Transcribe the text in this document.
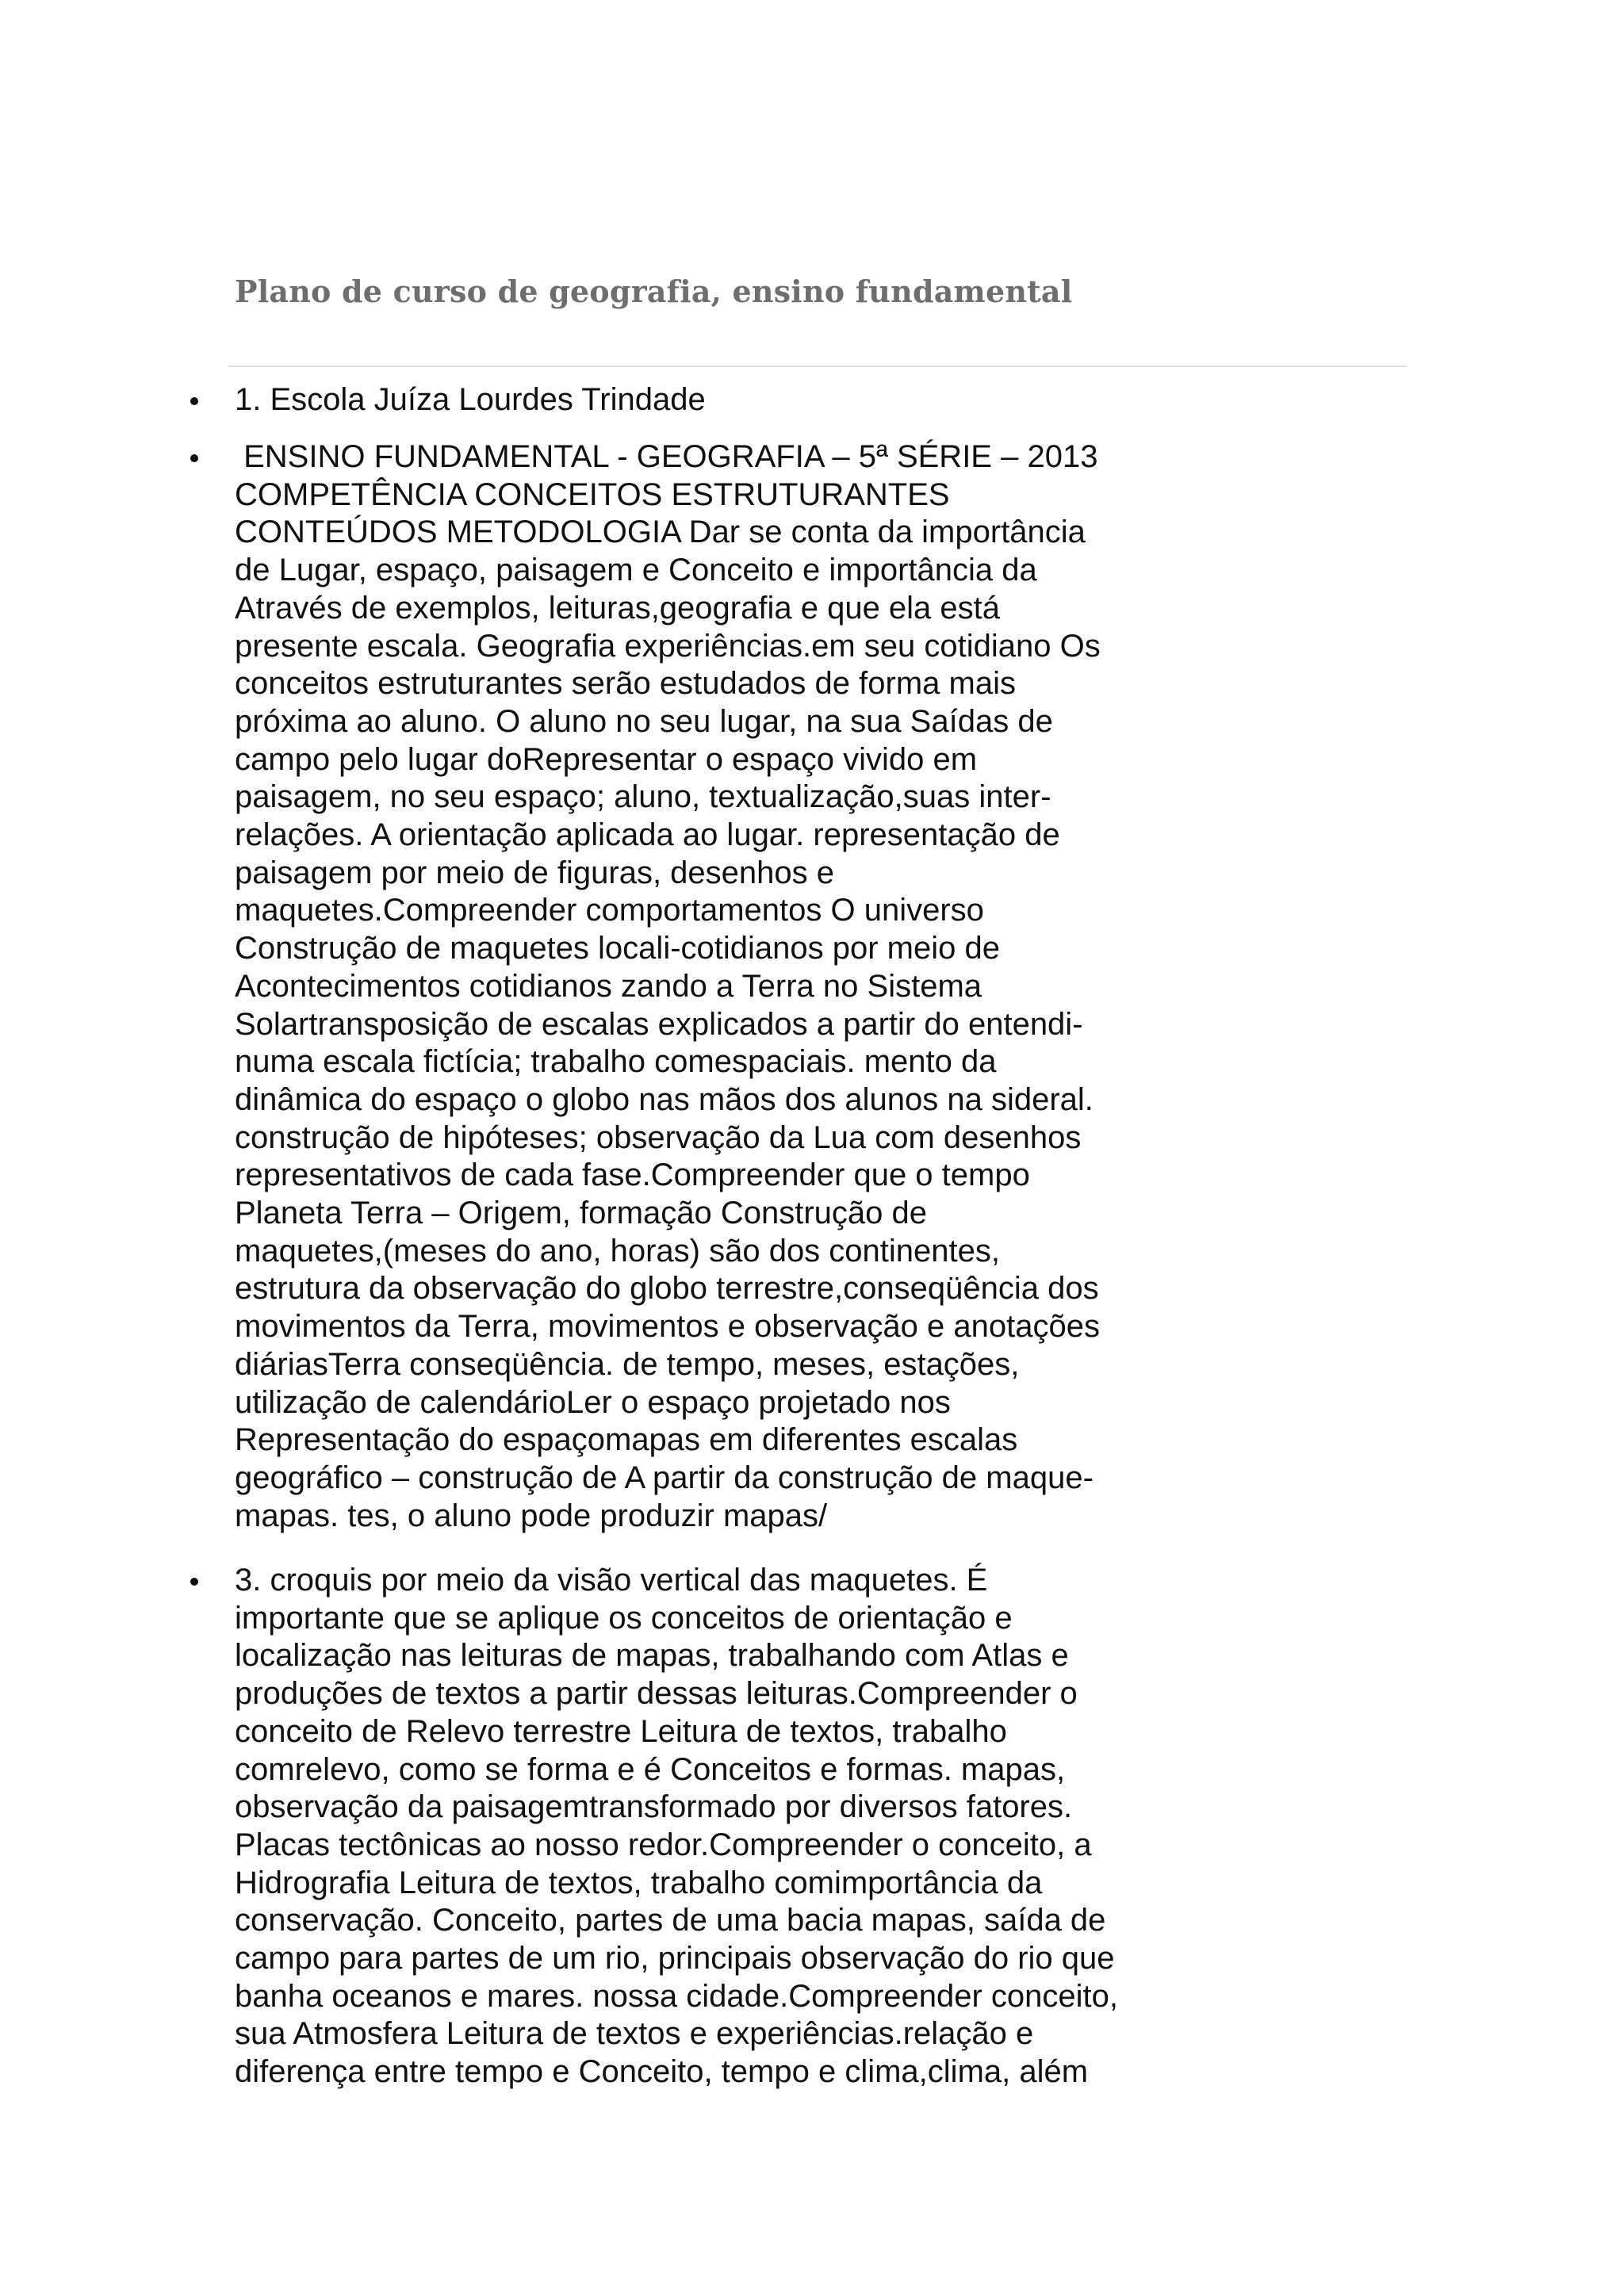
Plano de curso de geografia, ensino fundamental
1. Escola Juíza Lourdes Trindade
ENSINO FUNDAMENTAL - GEOGRAFIA – 5ª SÉRIE – 2013
COMPETÊNCIA CONCEITOS ESTRUTURANTES
CONTEÚDOS METODOLOGIA Dar se conta da importância
de Lugar, espaço, paisagem e Conceito e importância da
Através de exemplos, leituras,geografia e que ela está
presente escala. Geografia experiências.em seu cotidiano Os
conceitos estruturantes serão estudados de forma mais
próxima ao aluno. O aluno no seu lugar, na sua Saídas de
campo pelo lugar doRepresentar o espaço vivido em
paisagem, no seu espaço; aluno, textualização,suas inter-
relações. A orientação aplicada ao lugar. representação de
paisagem por meio de figuras, desenhos e
maquetes.Compreender comportamentos O universo
Construção de maquetes locali-cotidianos por meio de
Acontecimentos cotidianos zando a Terra no Sistema
Solartransposição de escalas explicados a partir do entendi-
numa escala fictícia; trabalho comespaciais. mento da
dinâmica do espaço o globo nas mãos dos alunos na sideral.
construção de hipóteses; observação da Lua com desenhos
representativos de cada fase.Compreender que o tempo
Planeta Terra – Origem, formação Construção de
maquetes,(meses do ano, horas) são dos continentes,
estrutura da observação do globo terrestre,conseqüência dos
movimentos da Terra, movimentos e observação e anotações
diáriasTerra conseqüência. de tempo, meses, estações,
utilização de calendárioLer o espaço projetado nos
Representação do espaçomapas em diferentes escalas
geográfico – construção de A partir da construção de maque-
mapas. tes, o aluno pode produzir mapas/
3. croquis por meio da visão vertical das maquetes. É
importante que se aplique os conceitos de orientação e
localização nas leituras de mapas, trabalhando com Atlas e
produções de textos a partir dessas leituras.Compreender o
conceito de Relevo terrestre Leitura de textos, trabalho
comrelevo, como se forma e é Conceitos e formas. mapas,
observação da paisagemtransformado por diversos fatores.
Placas tectônicas ao nosso redor.Compreender o conceito, a
Hidrografia Leitura de textos, trabalho comimportância da
conservação. Conceito, partes de uma bacia mapas, saída de
campo para partes de um rio, principais observação do rio que
banha oceanos e mares. nossa cidade.Compreender conceito,
sua Atmosfera Leitura de textos e experiências.relação e
diferença entre tempo e Conceito, tempo e clima,clima, além
